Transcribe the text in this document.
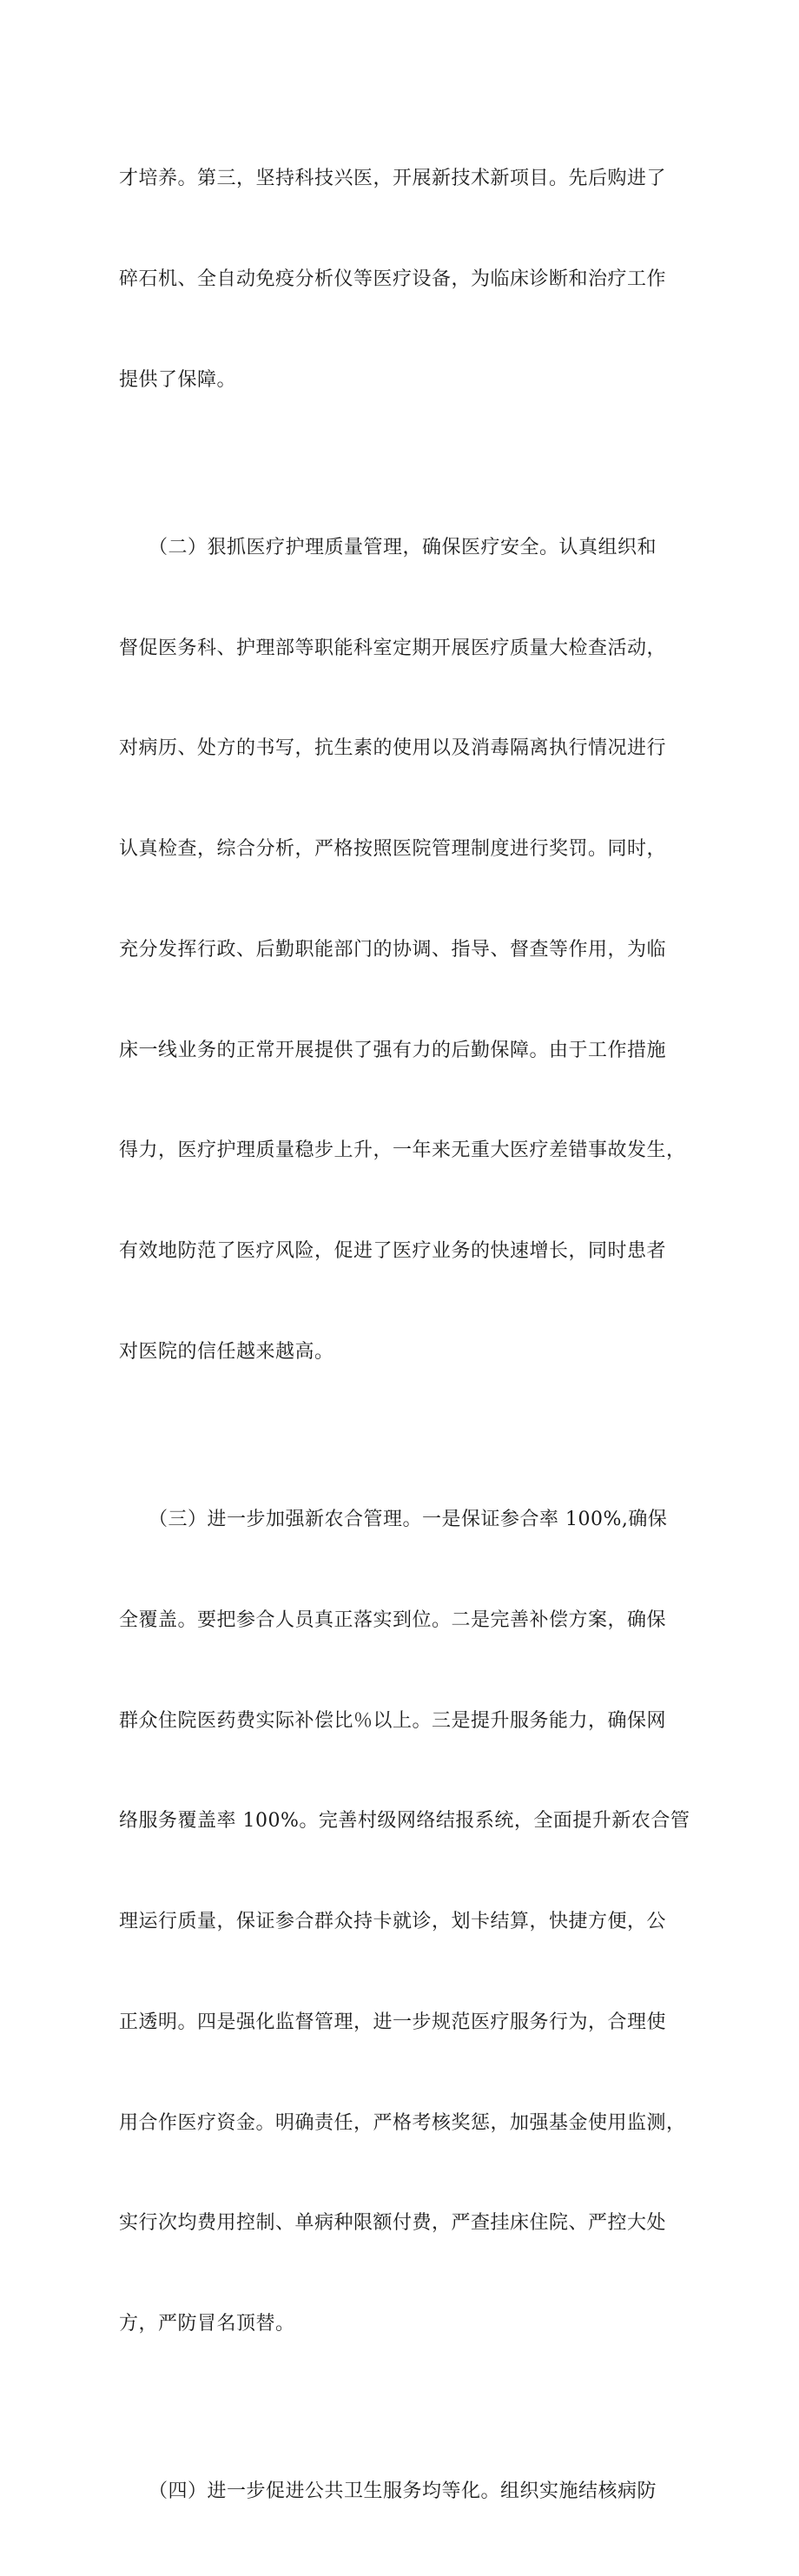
才培养。第三，坚持科技兴医，开展新技术新项目。先后购进了

碎石机、全自动免疫分析仪等医疗设备，为临床诊断和治疗工作

提供了保障。

　　（二）狠抓医疗护理质量管理，确保医疗安全。认真组织和

督促医务科、护理部等职能科室定期开展医疗质量大检查活动，

对病历、处方的书写，抗生素的使用以及消毒隔离执行情况进行

认真检查，综合分析，严格按照医院管理制度进行奖罚。同时，

充分发挥行政、后勤职能部门的协调、指导、督查等作用，为临

床一线业务的正常开展提供了强有力的后勤保障。由于工作措施

得力，医疗护理质量稳步上升，一年来无重大医疗差错事故发生，

有效地防范了医疗风险，促进了医疗业务的快速增长，同时患者

对医院的信任越来越高。

　　（三）进一步加强新农合管理。一是保证参合率 100%,确保

全覆盖。要把参合人员真正落实到位。二是完善补偿方案，确保

群众住院医药费实际补偿比％以上。三是提升服务能力，确保网

络服务覆盖率 100%。完善村级网络结报系统，全面提升新农合管

理运行质量，保证参合群众持卡就诊，划卡结算，快捷方便，公

正透明。四是强化监督管理，进一步规范医疗服务行为，合理使

用合作医疗资金。明确责任，严格考核奖惩，加强基金使用监测，

实行次均费用控制、单病种限额付费，严查挂床住院、严控大处

方，严防冒名顶替。

　　（四）进一步促进公共卫生服务均等化。组织实施结核病防
